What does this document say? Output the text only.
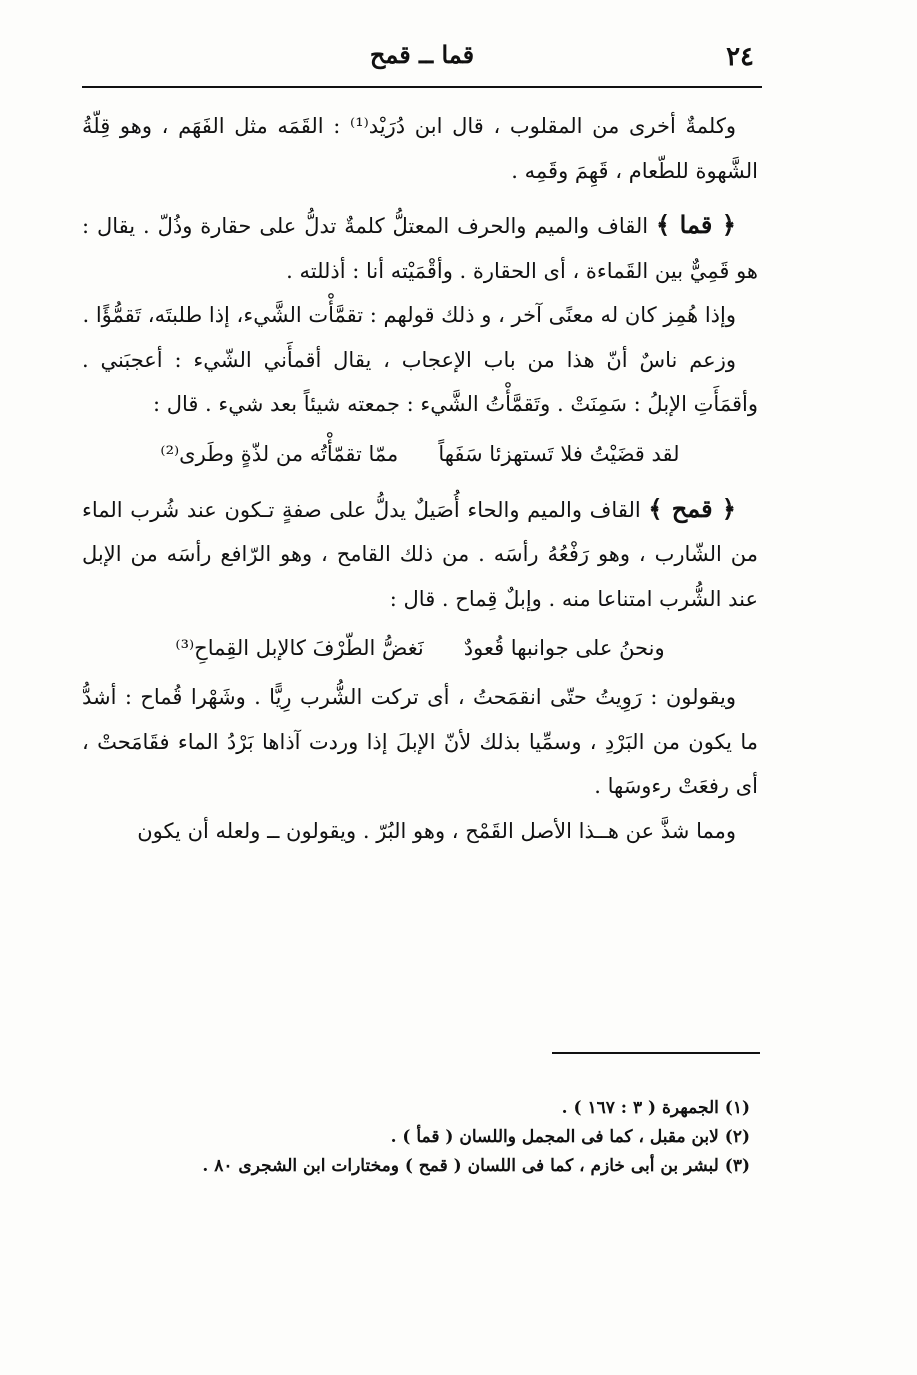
٢٤
قما ــ قمح

وكلمةٌ أخرى من المقلوب ، قال ابن دُرَيْد⁽¹⁾ : القَمَه مثل الفَهَم ، وهو قِلّةُ الشَّهوة للطّعام ، قَهِمَ وقَمِه .

﴿ قما ﴾ القاف والميم والحرف المعتلُّ كلمةٌ تدلُّ على حقارة وذُلّ . يقال : هو قَمِيٌّ بين القَماءة ، أى الحقارة . وأقْمَيْته أنا : أذللته .

وإذا هُمِز كان له معنًى آخر ، و ذلك قولهم : تقمَّأْت الشَّيء، إذا طلبتَه، تَقمُّؤًا .

وزعم ناسٌ أنّ هذا من باب الإعجاب ، يقال أقمأَني الشّيء : أعجبَني . وأقمَأَتِ الإبلُ : سَمِنَتْ . وتَقمَّأْتُ الشَّيء : جمعته شيئاً بعد شيء . قال :

لقد قضَيْتُ فلا تَستهزئا سَفَهاًممّا تقمّأْتُه من لذّةٍ وطَرى⁽²⁾

﴿ قمح ﴾ القاف والميم والحاء أُصَيلٌ يدلُّ على صفةٍ تـكون عند شُرب الماء من الشّارب ، وهو رَفْعُهُ رأسَه . من ذلك القامح ، وهو الرّافع رأسَه من الإبل عند الشُّرب امتناعا منه . وإبلٌ قِماح . قال :

ونحنُ على جوانبها قُعودٌنَغضُّ الطّرْفَ كالإبل القِماحِ⁽³⁾

ويقولون : رَوِيتُ حتّى انقمَحتُ ، أى تركت الشُّرب رِيًّا . وشَهْرا قُماح : أشدُّ ما يكون من البَرْدِ ، وسمِّيا بذلك لأنّ الإبلَ إذا وردت آذاها بَرْدُ الماء فقَامَحتْ ، أى رفعَتْ رءوسَها .

ومما شذَّ عن هــذا الأصل القَمْح ، وهو البُرّ . ويقولون ــ ولعله أن يكون

(١) الجمهرة ( ٣ : ١٦٧ ) .
(٢) لابن مقبل ، كما فى المجمل واللسان ( قمأ ) .
(٣) لبشر بن أبى خازم ، كما فى اللسان ( قمح ) ومختارات ابن الشجرى ٨٠ .
